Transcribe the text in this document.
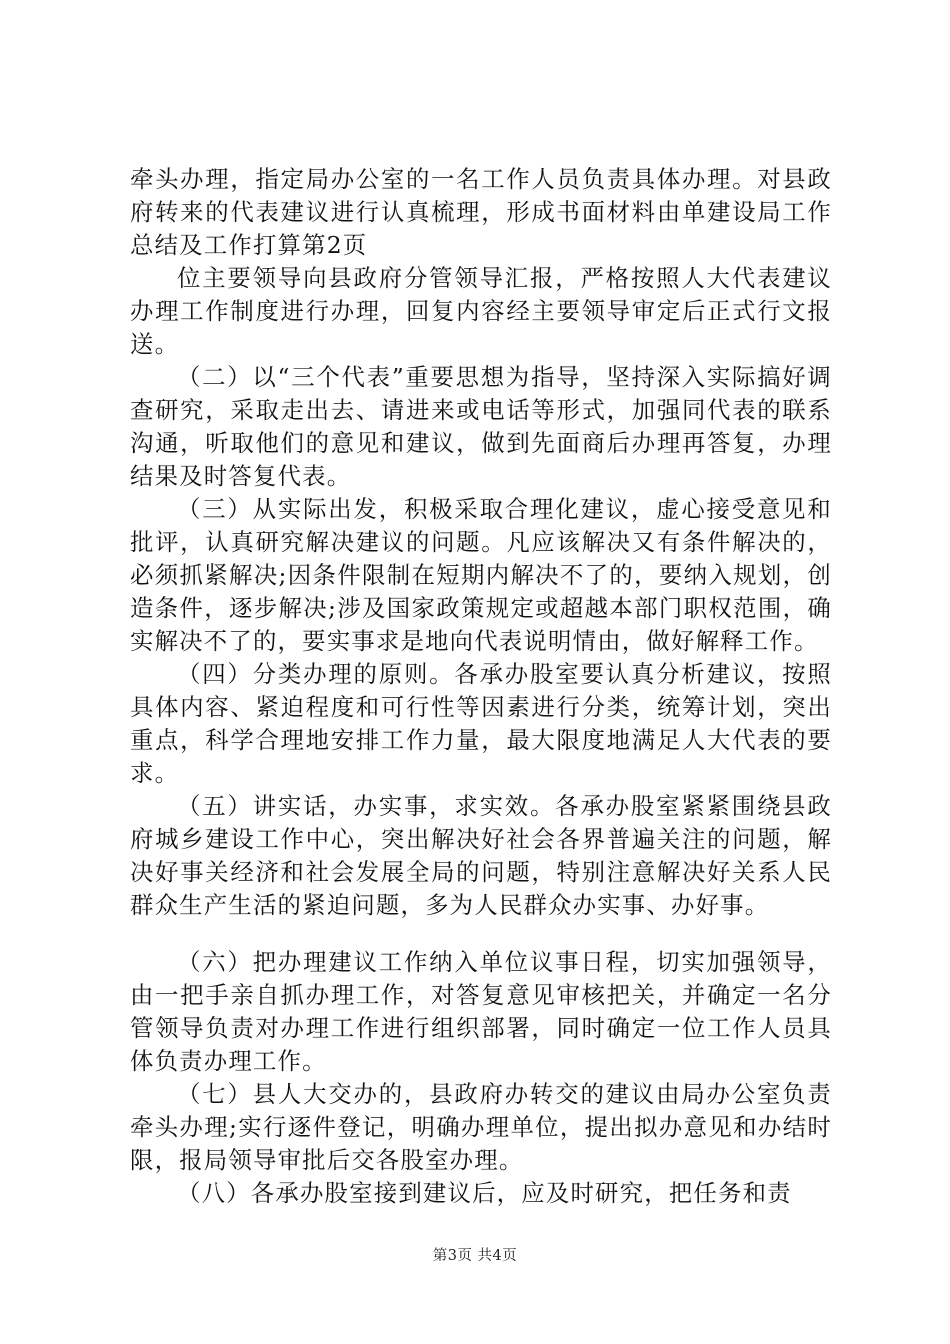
牵头办理，指定局办公室的一名工作人员负责具体办理。对县政府转来的代表建议进行认真梳理，形成书面材料由单建设局工作总结及工作打算第2页

位主要领导向县政府分管领导汇报，严格按照人大代表建议办理工作制度进行办理，回复内容经主要领导审定后正式行文报送。

（二）以“三个代表”重要思想为指导，坚持深入实际搞好调查研究，采取走出去、请进来或电话等形式，加强同代表的联系沟通，听取他们的意见和建议，做到先面商后办理再答复，办理结果及时答复代表。

（三）从实际出发，积极采取合理化建议，虚心接受意见和批评，认真研究解决建议的问题。凡应该解决又有条件解决的，必须抓紧解决;因条件限制在短期内解决不了的，要纳入规划，创造条件，逐步解决;涉及国家政策规定或超越本部门职权范围，确实解决不了的，要实事求是地向代表说明情由，做好解释工作。

（四）分类办理的原则。各承办股室要认真分析建议，按照具体内容、紧迫程度和可行性等因素进行分类，统筹计划，突出重点，科学合理地安排工作力量，最大限度地满足人大代表的要求。

（五）讲实话，办实事，求实效。各承办股室紧紧围绕县政府城乡建设工作中心，突出解决好社会各界普遍关注的问题，解决好事关经济和社会发展全局的问题，特别注意解决好关系人民群众生产生活的紧迫问题，多为人民群众办实事、办好事。

（六）把办理建议工作纳入单位议事日程，切实加强领导，由一把手亲自抓办理工作，对答复意见审核把关，并确定一名分管领导负责对办理工作进行组织部署，同时确定一位工作人员具体负责办理工作。

（七）县人大交办的，县政府办转交的建议由局办公室负责牵头办理;实行逐件登记，明确办理单位，提出拟办意见和办结时限，报局领导审批后交各股室办理。

（八）各承办股室接到建议后，应及时研究，把任务和责

第3页 共4页
